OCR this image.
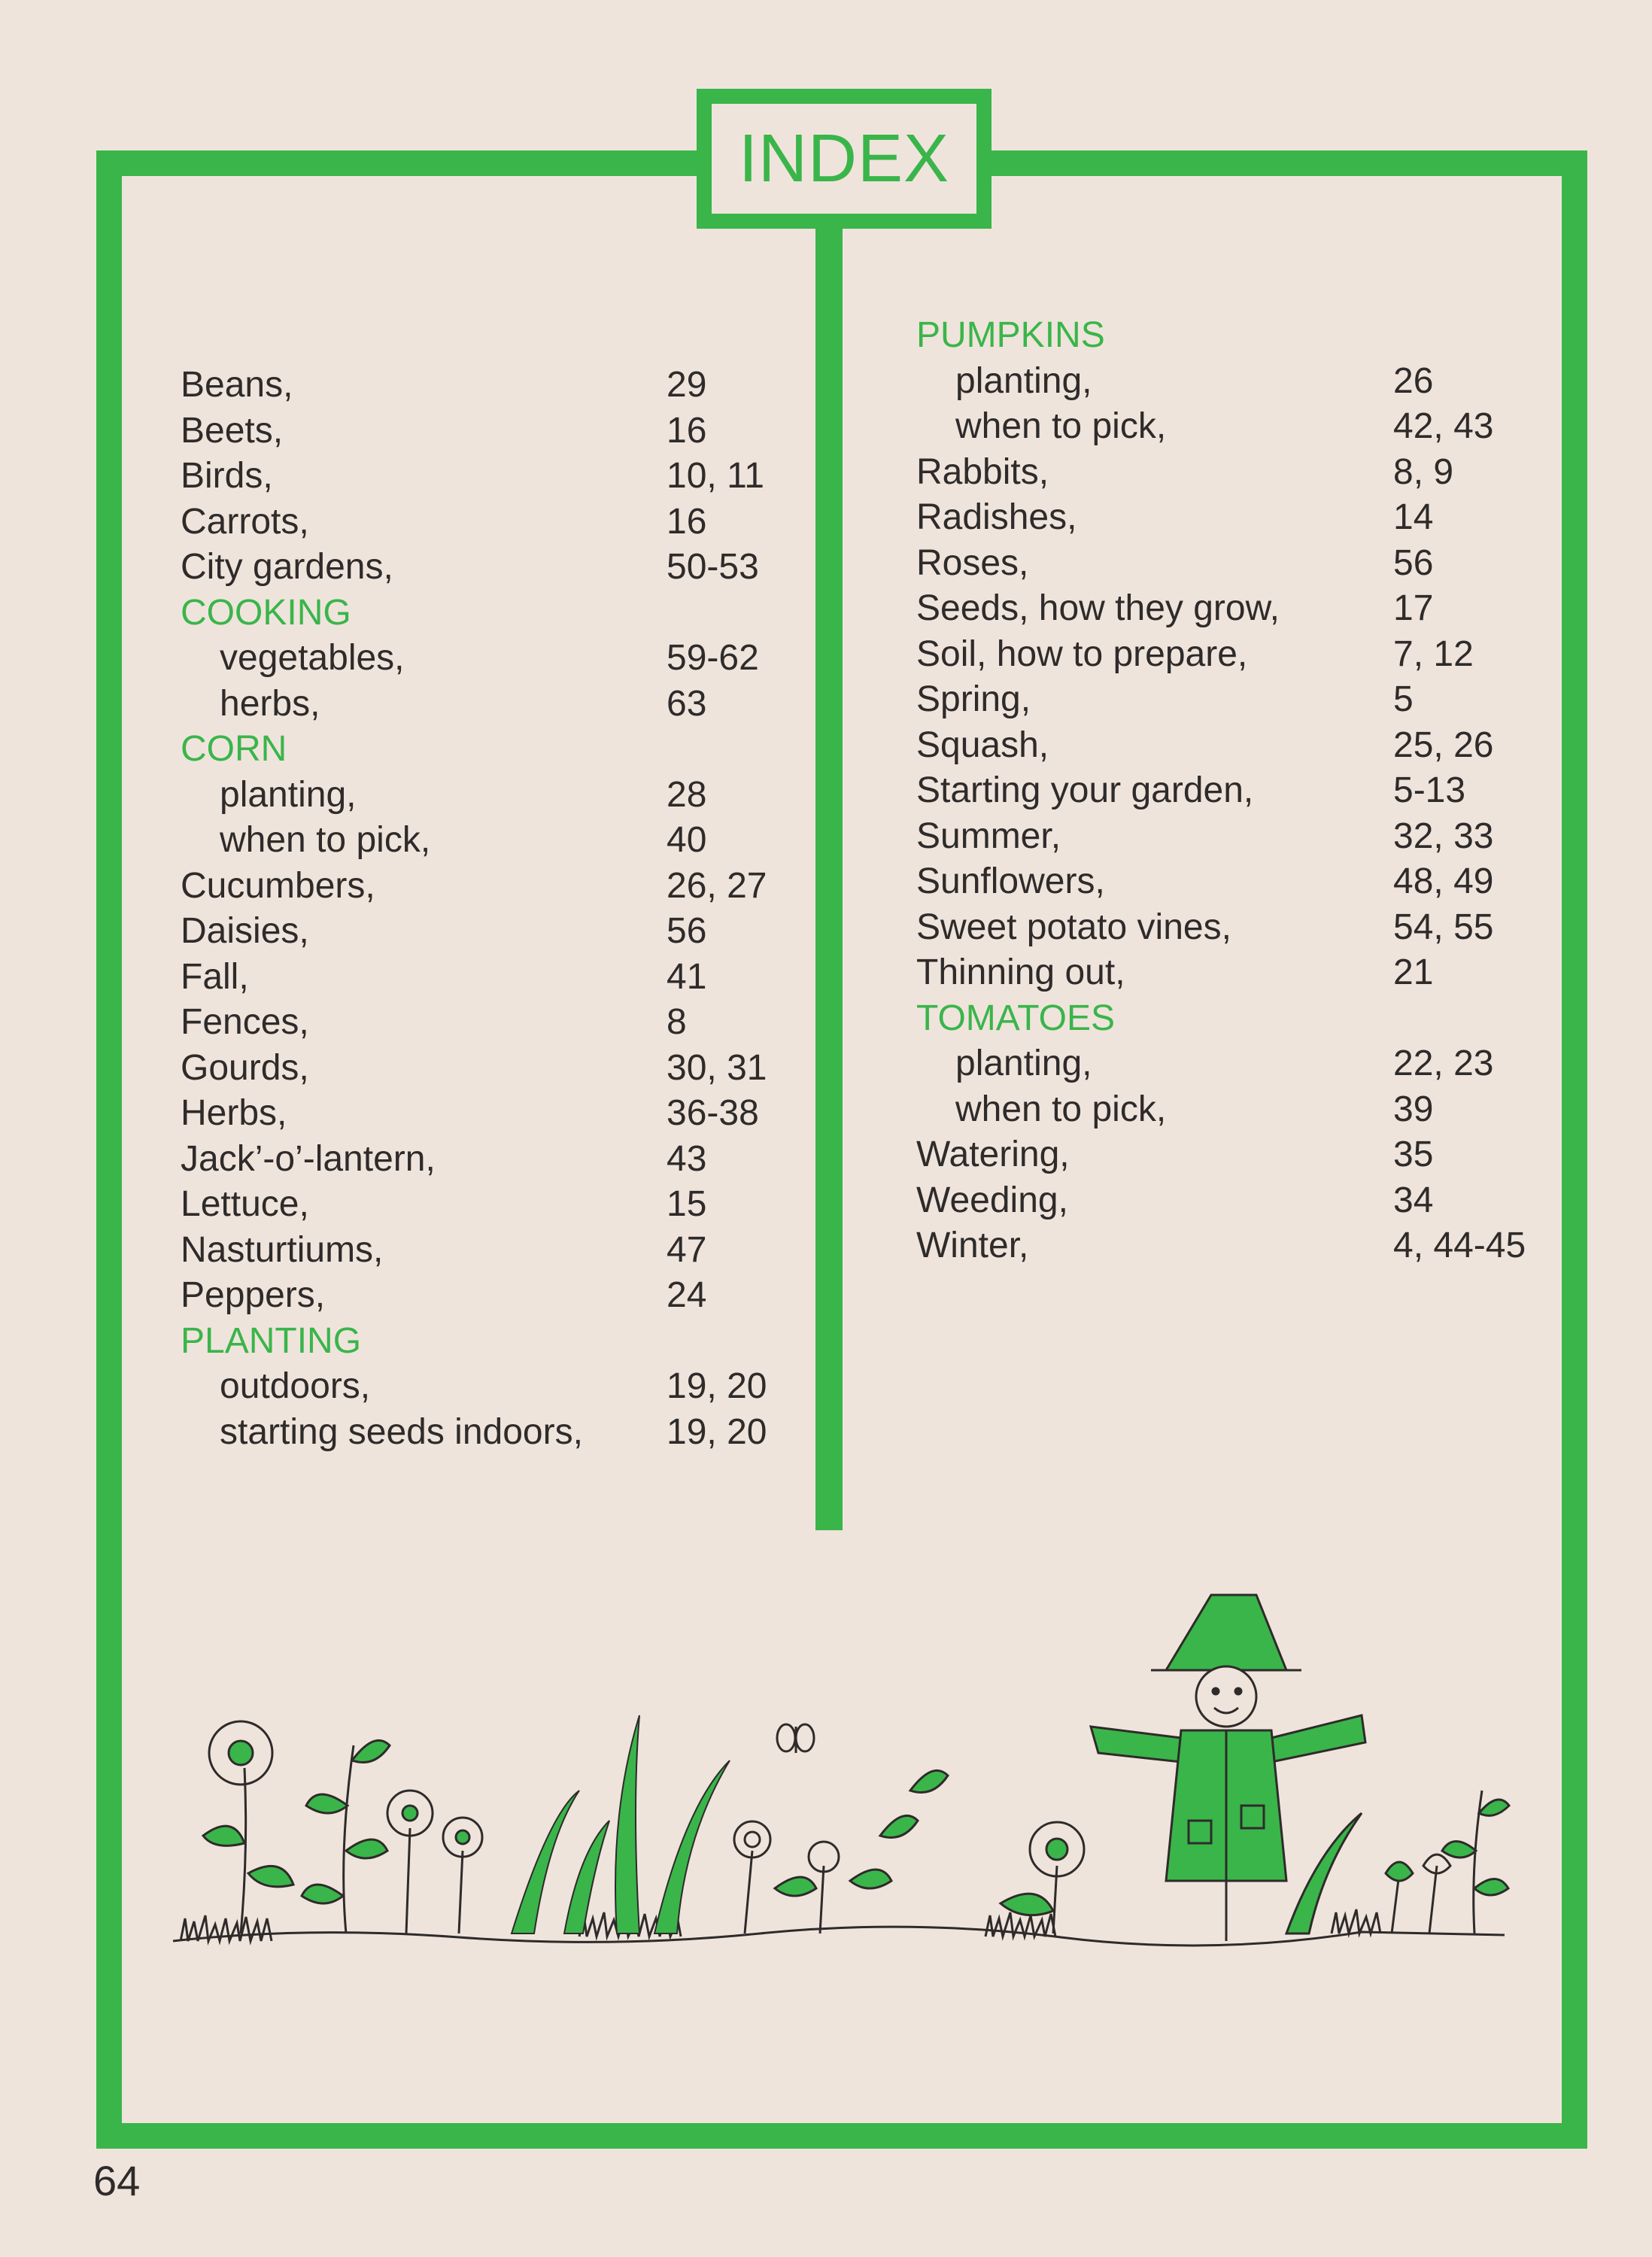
INDEX
Beans,	29
Beets,	16
Birds,	10, 11
Carrots,	16
City gardens,	50-53
COOKING
vegetables,	59-62
herbs,	63
CORN
planting,	28
when to pick,	40
Cucumbers,	26, 27
Daisies,	56
Fall,	41
Fences,	8
Gourds,	30, 31
Herbs,	36-38
Jack’-o’-lantern,	43
Lettuce,	15
Nasturtiums,	47
Peppers,	24
PLANTING
outdoors,	19, 20
starting seeds indoors, 19, 20
PUMPKINS
planting,	26
when to pick,	42, 43
Rabbits,	8, 9
Radishes,	14
Roses,	56
Seeds, how they grow,	17
Soil, how to prepare,	7, 12
Spring,	5
Squash,	25, 26
Starting your garden,	5-13
Summer,	32, 33
Sunflowers,	48, 49
Sweet potato vines,	54, 55
Thinning out,	21
TOMATOES
planting,	22, 23
when to pick,	39
Watering,	35
Weeding,	34
Winter,	4, 44-45
64
